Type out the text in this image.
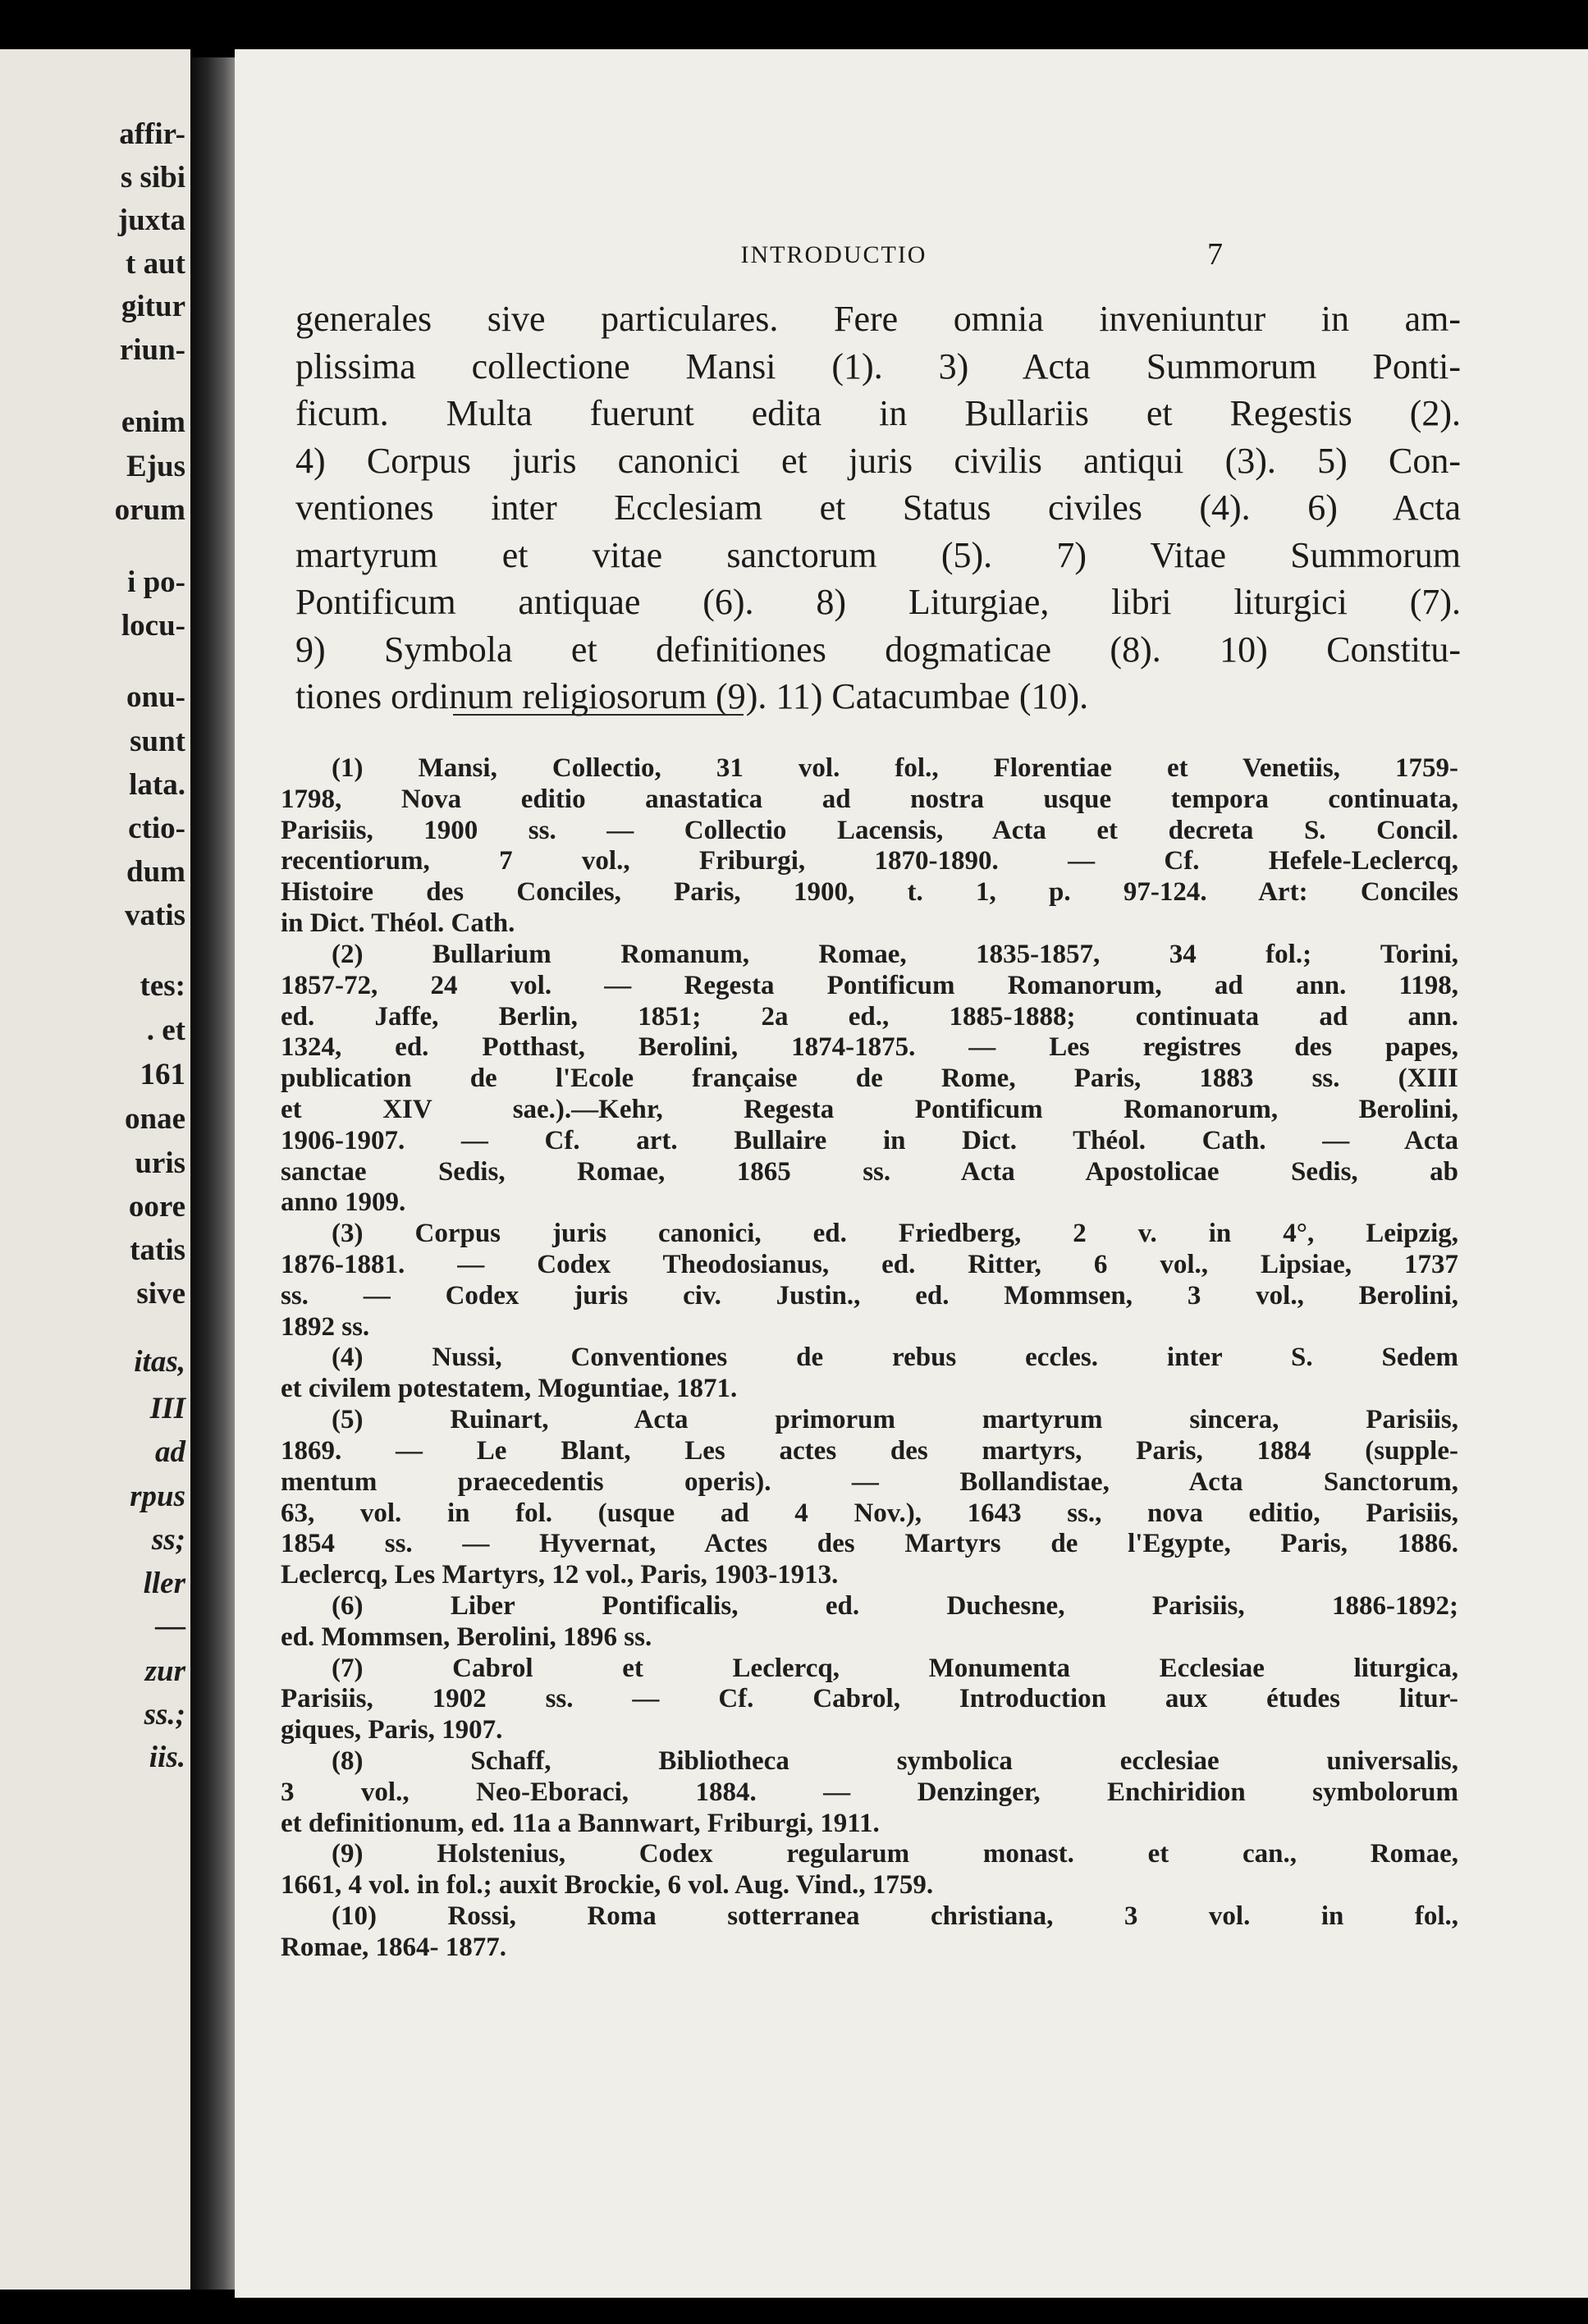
affir-
s sibi
juxta
t aut
gitur
riun-
enim
Ejus
orum
i po-
locu-
onu-
sunt
lata.
ctio-
dum
vatis
tes:
. et
161
onae
uris
oore
tatis
sive
itas,
III
ad
rpus
ss;
ller
—
zur
ss.;
iis.
INTRODUCTIO	7
generales sive particulares. Fere omnia inveniuntur in am-
plissima collectione Mansi (1). 3) Acta Summorum Ponti-
ficum. Multa fuerunt edita in Bullariis et Regestis (2).
4) Corpus juris canonici et juris civilis antiqui (3). 5) Con-
ventiones inter Ecclesiam et Status civiles (4). 6) Acta
martyrum et vitae sanctorum (5). 7) Vitae Summorum
Pontificum antiquae (6). 8) Liturgiae, libri liturgici (7).
9) Symbola et definitiones dogmaticae (8). 10) Constitu-
tiones ordinum religiosorum (9). 11) Catacumbae (10).
(1) Mansi, Collectio, 31 vol. fol., Florentiae et Venetiis, 1759-
1798, Nova editio anastatica ad nostra usque tempora continuata,
Parisiis, 1900 ss. — Collectio Lacensis, Acta et decreta S. Concil.
recentiorum, 7 vol., Friburgi, 1870-1890. — Cf. Hefele-Leclercq,
Histoire des Conciles, Paris, 1900, t. 1, p. 97-124. Art: Conciles
in Dict. Théol. Cath.
(2) Bullarium Romanum, Romae, 1835-1857, 34 fol.; Torini,
1857-72, 24 vol. — Regesta Pontificum Romanorum, ad ann. 1198,
ed. Jaffe, Berlin, 1851; 2a ed., 1885-1888; continuata ad ann.
1324, ed. Potthast, Berolini, 1874-1875. — Les registres des papes,
publication de l'Ecole française de Rome, Paris, 1883 ss. (XIII
et XIV sae.).—Kehr, Regesta Pontificum Romanorum, Berolini,
1906-1907. — Cf. art. Bullaire in Dict. Théol. Cath. — Acta
sanctae Sedis, Romae, 1865 ss. Acta Apostolicae Sedis, ab
anno 1909.
(3) Corpus juris canonici, ed. Friedberg, 2 v. in 4°, Leipzig,
1876-1881. — Codex Theodosianus, ed. Ritter, 6 vol., Lipsiae, 1737
ss. — Codex juris civ. Justin., ed. Mommsen, 3 vol., Berolini,
1892 ss.
(4) Nussi, Conventiones de rebus eccles. inter S. Sedem
et civilem potestatem, Moguntiae, 1871.
(5) Ruinart, Acta primorum martyrum sincera, Parisiis,
1869. — Le Blant, Les actes des martyrs, Paris, 1884 (supple-
mentum praecedentis operis). — Bollandistae, Acta Sanctorum,
63, vol. in fol. (usque ad 4 Nov.), 1643 ss., nova editio, Parisiis,
1854 ss. — Hyvernat, Actes des Martyrs de l'Egypte, Paris, 1886.
Leclercq, Les Martyrs, 12 vol., Paris, 1903-1913.
(6) Liber Pontificalis, ed. Duchesne, Parisiis, 1886-1892;
ed. Mommsen, Berolini, 1896 ss.
(7) Cabrol et Leclercq, Monumenta Ecclesiae liturgica,
Parisiis, 1902 ss. — Cf. Cabrol, Introduction aux études litur-
giques, Paris, 1907.
(8) Schaff, Bibliotheca symbolica ecclesiae universalis,
3 vol., Neo-Eboraci, 1884. — Denzinger, Enchiridion symbolorum
et definitionum, ed. 11a a Bannwart, Friburgi, 1911.
(9) Holstenius, Codex regularum monast. et can., Romae,
1661, 4 vol. in fol.; auxit Brockie, 6 vol. Aug. Vind., 1759.
(10) Rossi, Roma sotterranea christiana, 3 vol. in fol.,
Romae, 1864- 1877.
